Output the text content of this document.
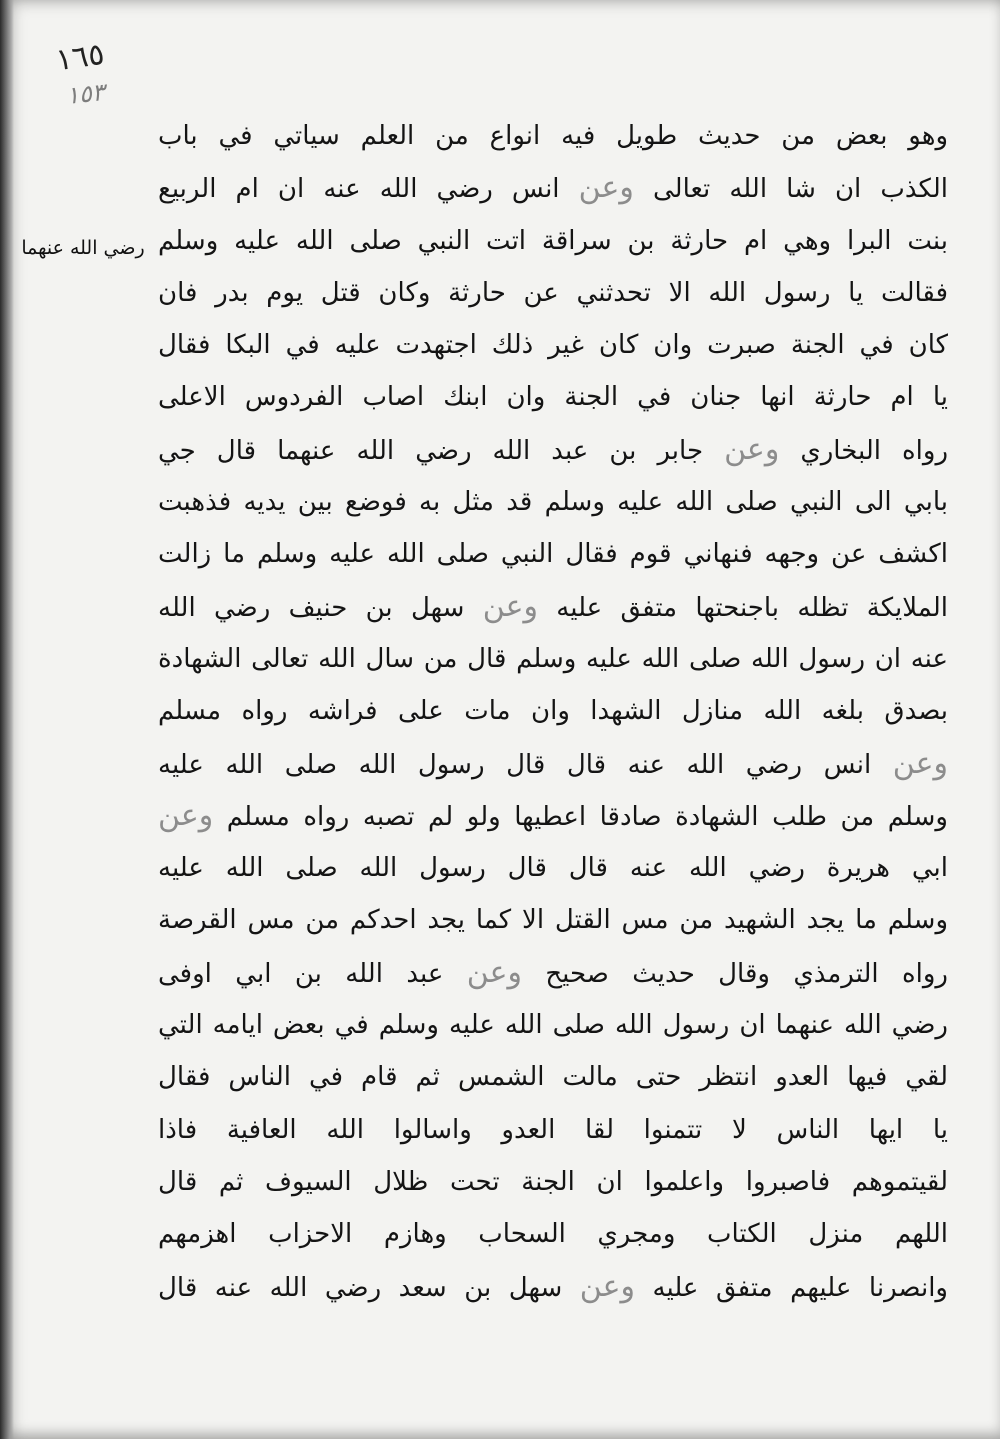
١٦٥
١٥٣
رضي الله عنهما
وهو بعض من حديث طويل فيه انواع من العلم سياتي في باب
الكذب ان شا الله تعالى وعن انس رضي الله عنه ان ام الربيع
بنت البرا وهي ام حارثة بن سراقة اتت النبي صلى الله عليه وسلم
فقالت يا رسول الله الا تحدثني عن حارثة وكان قتل يوم بدر فان
كان في الجنة صبرت وان كان غير ذلك اجتهدت عليه في البكا فقال
يا ام حارثة انها جنان في الجنة وان ابنك اصاب الفردوس الاعلى
رواه البخاري وعن جابر بن عبد الله رضي الله عنهما قال جي
بابي الى النبي صلى الله عليه وسلم قد مثل به فوضع بين يديه فذهبت
اكشف عن وجهه فنهاني قوم فقال النبي صلى الله عليه وسلم ما زالت
الملايكة تظله باجنحتها متفق عليه وعن سهل بن حنيف رضي الله
عنه ان رسول الله صلى الله عليه وسلم قال من سال الله تعالى الشهادة
بصدق بلغه الله منازل الشهدا وان مات على فراشه رواه مسلم
وعن انس رضي الله عنه قال قال رسول الله صلى الله عليه
وسلم من طلب الشهادة صادقا اعطيها ولو لم تصبه رواه مسلم وعن
ابي هريرة رضي الله عنه قال قال رسول الله صلى الله عليه
وسلم ما يجد الشهيد من مس القتل الا كما يجد احدكم من مس القرصة
رواه الترمذي وقال حديث صحيح وعن عبد الله بن ابي اوفى
رضي الله عنهما ان رسول الله صلى الله عليه وسلم في بعض ايامه التي
لقي فيها العدو انتظر حتى مالت الشمس ثم قام في الناس فقال
يا ايها الناس لا تتمنوا لقا العدو واسالوا الله العافية فاذا
لقيتموهم فاصبروا واعلموا ان الجنة تحت ظلال السيوف ثم قال
اللهم منزل الكتاب ومجري السحاب وهازم الاحزاب اهزمهم
وانصرنا عليهم متفق عليه وعن سهل بن سعد رضي الله عنه قال
